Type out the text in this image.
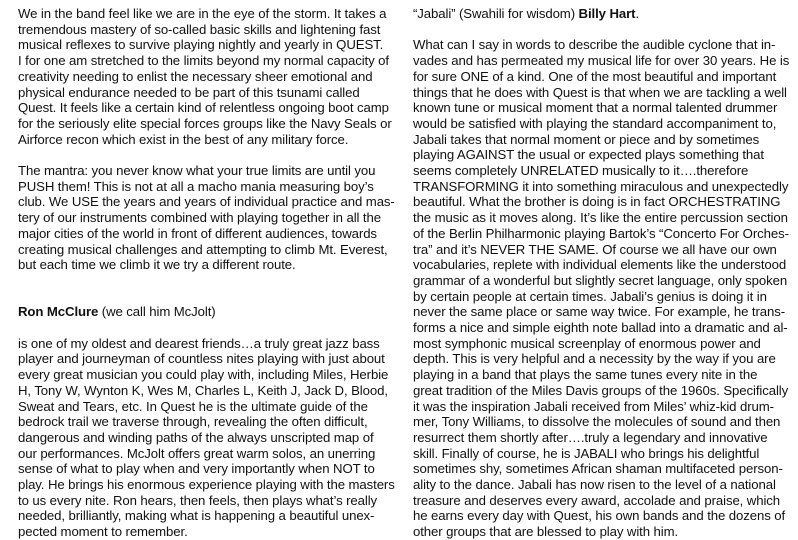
We in the band feel like we are in the eye of the storm. It takes a

tremendous mastery of so-called basic skills and lightening fast

musical reflexes to survive playing nightly and yearly in QUEST.

I for one am stretched to the limits beyond my normal capacity of

creativity needing to enlist the necessary sheer emotional and

physical endurance needed to be part of this tsunami called

Quest. It feels like a certain kind of relentless ongoing boot camp

for the seriously elite special forces groups like the Navy Seals or

Airforce recon which exist in the best of any military force.

The mantra: you never know what your true limits are until you

PUSH them! This is not at all a macho mania measuring boy’s

club. We USE the years and years of individual practice and mas-

tery of our instruments combined with playing together in all the

major cities of the world in front of different audiences, towards

creating musical challenges and attempting to climb Mt. Everest,

but each time we climb it we try a different route.

Ron McClure (we call him McJolt)

is one of my oldest and dearest friends…a truly great jazz bass

player and journeyman of countless nites playing with just about

every great musician you could play with, including Miles, Herbie

H, Tony W, Wynton K, Wes M, Charles L, Keith J, Jack D, Blood,

Sweat and Tears, etc. In Quest he is the ultimate guide of the

bedrock trail we traverse through, revealing the often difficult,

dangerous and winding paths of the always unscripted map of

our performances. McJolt offers great warm solos, an unerring

sense of what to play when and very importantly when NOT to

play. He brings his enormous experience playing with the masters

to us every nite. Ron hears, then feels, then plays what’s really

needed, brilliantly, making what is happening a beautiful unex-

pected moment to remember.

“Jabali” (Swahili for wisdom) Billy Hart.

What can I say in words to describe the audible cyclone that in-

vades and has permeated my musical life for over 30 years. He is

for sure ONE of a kind. One of the most beautiful and important

things that he does with Quest is that when we are tackling a well

known tune or musical moment that a normal talented drummer

would be satisfied with playing the standard accompaniment to,

Jabali takes that normal moment or piece and by sometimes

playing AGAINST the usual or expected plays something that

seems completely UNRELATED musically to it….therefore

TRANSFORMING it into something miraculous and unexpectedly

beautiful. What the brother is doing is in fact ORCHESTRATING

the music as it moves along. It’s like the entire percussion section

of the Berlin Philharmonic playing Bartok’s “Concerto For Orches-

tra” and it’s NEVER THE SAME. Of course we all have our own

vocabularies, replete with individual elements like the understood

grammar of a wonderful but slightly secret language, only spoken

by certain people at certain times. Jabali’s genius is doing it in

never the same place or same way twice. For example, he trans-

forms a nice and simple eighth note ballad into a dramatic and al-

most symphonic musical screenplay of enormous power and

depth. This is very helpful and a necessity by the way if you are

playing in a band that plays the same tunes every nite in the

great tradition of the Miles Davis groups of the 1960s. Specifically

it was the inspiration Jabali received from Miles’ whiz-kid drum-

mer, Tony Williams, to dissolve the molecules of sound and then

resurrect them shortly after….truly a legendary and innovative

skill. Finally of course, he is JABALI who brings his delightful

sometimes shy, sometimes African shaman multifaceted person-

ality to the dance. Jabali has now risen to the level of a national

treasure and deserves every award, accolade and praise, which

he earns every day with Quest, his own bands and the dozens of

other groups that are blessed to play with him.
